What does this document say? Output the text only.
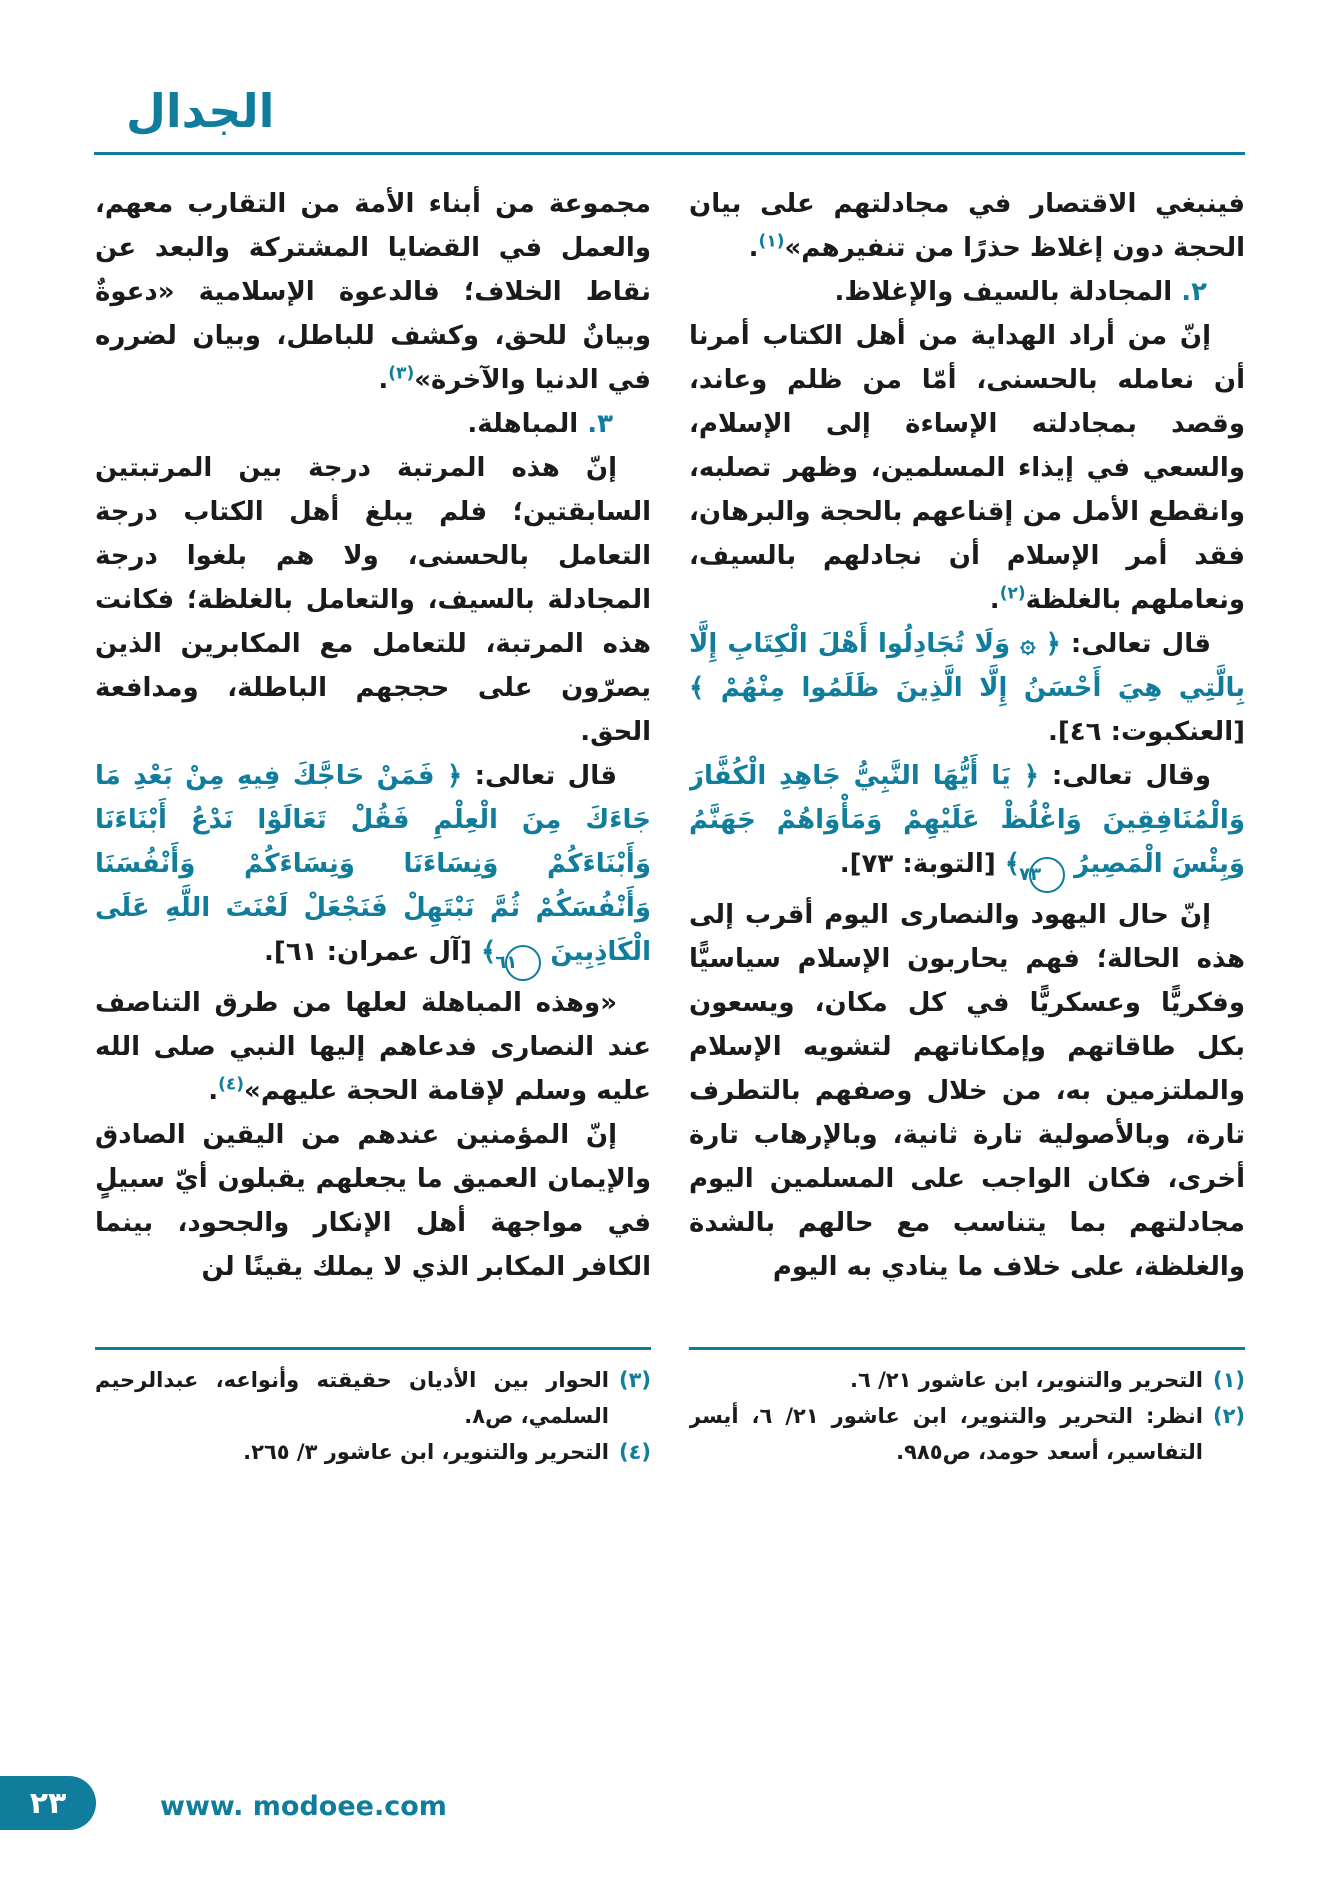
الجدال

فينبغي الاقتصار في مجادلتهم على بيان الحجة دون إغلاظ حذرًا من تنفيرهم»$^{(١)}$.

٢. المجادلة بالسيف والإغلاظ.

إنّ من أراد الهداية من أهل الكتاب أمرنا أن نعامله بالحسنى، أمّا من ظلم وعاند، وقصد بمجادلته الإساءة إلى الإسلام، والسعي في إيذاء المسلمين، وظهر تصلبه، وانقطع الأمل من إقناعهم بالحجة والبرهان، فقد أمر الإسلام أن نجادلهم بالسيف، ونعاملهم بالغلظة$^{(٢)}$.

قال تعالى: ﴿ ۞ وَلَا تُجَادِلُوا أَهْلَ الْكِتَابِ إِلَّا بِالَّتِي هِيَ أَحْسَنُ إِلَّا الَّذِينَ ظَلَمُوا مِنْهُمْ ﴾ [العنكبوت: ٤٦].

وقال تعالى: ﴿ يَا أَيُّهَا النَّبِيُّ جَاهِدِ الْكُفَّارَ وَالْمُنَافِقِينَ وَاغْلُظْ عَلَيْهِمْ وَمَأْوَاهُمْ جَهَنَّمُ وَبِئْسَ الْمَصِيرُ ٧٣ ﴾ [التوبة: ٧٣].

إنّ حال اليهود والنصارى اليوم أقرب إلى هذه الحالة؛ فهم يحاربون الإسلام سياسيًّا وفكريًّا وعسكريًّا في كل مكان، ويسعون بكل طاقاتهم وإمكاناتهم لتشويه الإسلام والملتزمين به، من خلال وصفهم بالتطرف تارة، وبالأصولية تارة ثانية، وبالإرهاب تارة أخرى، فكان الواجب على المسلمين اليوم مجادلتهم بما يتناسب مع حالهم بالشدة والغلظة، على خلاف ما ينادي به اليوم

(١)
التحرير والتنوير، ابن عاشور ٢١/ ٦.
(٢)
انظر: التحرير والتنوير، ابن عاشور ٢١/ ٦، أيسر التفاسير، أسعد حومد، ص٩٨٥.

مجموعة من أبناء الأمة من التقارب معهم، والعمل في القضايا المشتركة والبعد عن نقاط الخلاف؛ فالدعوة الإسلامية «دعوةٌ وبيانٌ للحق، وكشف للباطل، وبيان لضرره في الدنيا والآخرة»$^{(٣)}$.

٣. المباهلة.

إنّ هذه المرتبة درجة بين المرتبتين السابقتين؛ فلم يبلغ أهل الكتاب درجة التعامل بالحسنى، ولا هم بلغوا درجة المجادلة بالسيف، والتعامل بالغلظة؛ فكانت هذه المرتبة، للتعامل مع المكابرين الذين يصرّون على حججهم الباطلة، ومدافعة الحق.

قال تعالى: ﴿ فَمَنْ حَاجَّكَ فِيهِ مِنْ بَعْدِ مَا جَاءَكَ مِنَ الْعِلْمِ فَقُلْ تَعَالَوْا نَدْعُ أَبْنَاءَنَا وَأَبْنَاءَكُمْ وَنِسَاءَنَا وَنِسَاءَكُمْ وَأَنْفُسَنَا وَأَنْفُسَكُمْ ثُمَّ نَبْتَهِلْ فَنَجْعَلْ لَعْنَتَ اللَّهِ عَلَى الْكَاذِبِينَ ٦١ ﴾ [آل عمران: ٦١].

«وهذه المباهلة لعلها من طرق التناصف عند النصارى فدعاهم إليها النبي صلى الله عليه وسلم لإقامة الحجة عليهم»$^{(٤)}$.

إنّ المؤمنين عندهم من اليقين الصادق والإيمان العميق ما يجعلهم يقبلون أيّ سبيلٍ في مواجهة أهل الإنكار والجحود، بينما الكافر المكابر الذي لا يملك يقينًا لن

(٣)
الحوار بين الأديان حقيقته وأنواعه، عبدالرحيم السلمي، ص٨.
(٤)
التحرير والتنوير، ابن عاشور ٣/ ٢٦٥.
٢٣	www. modoee.com
